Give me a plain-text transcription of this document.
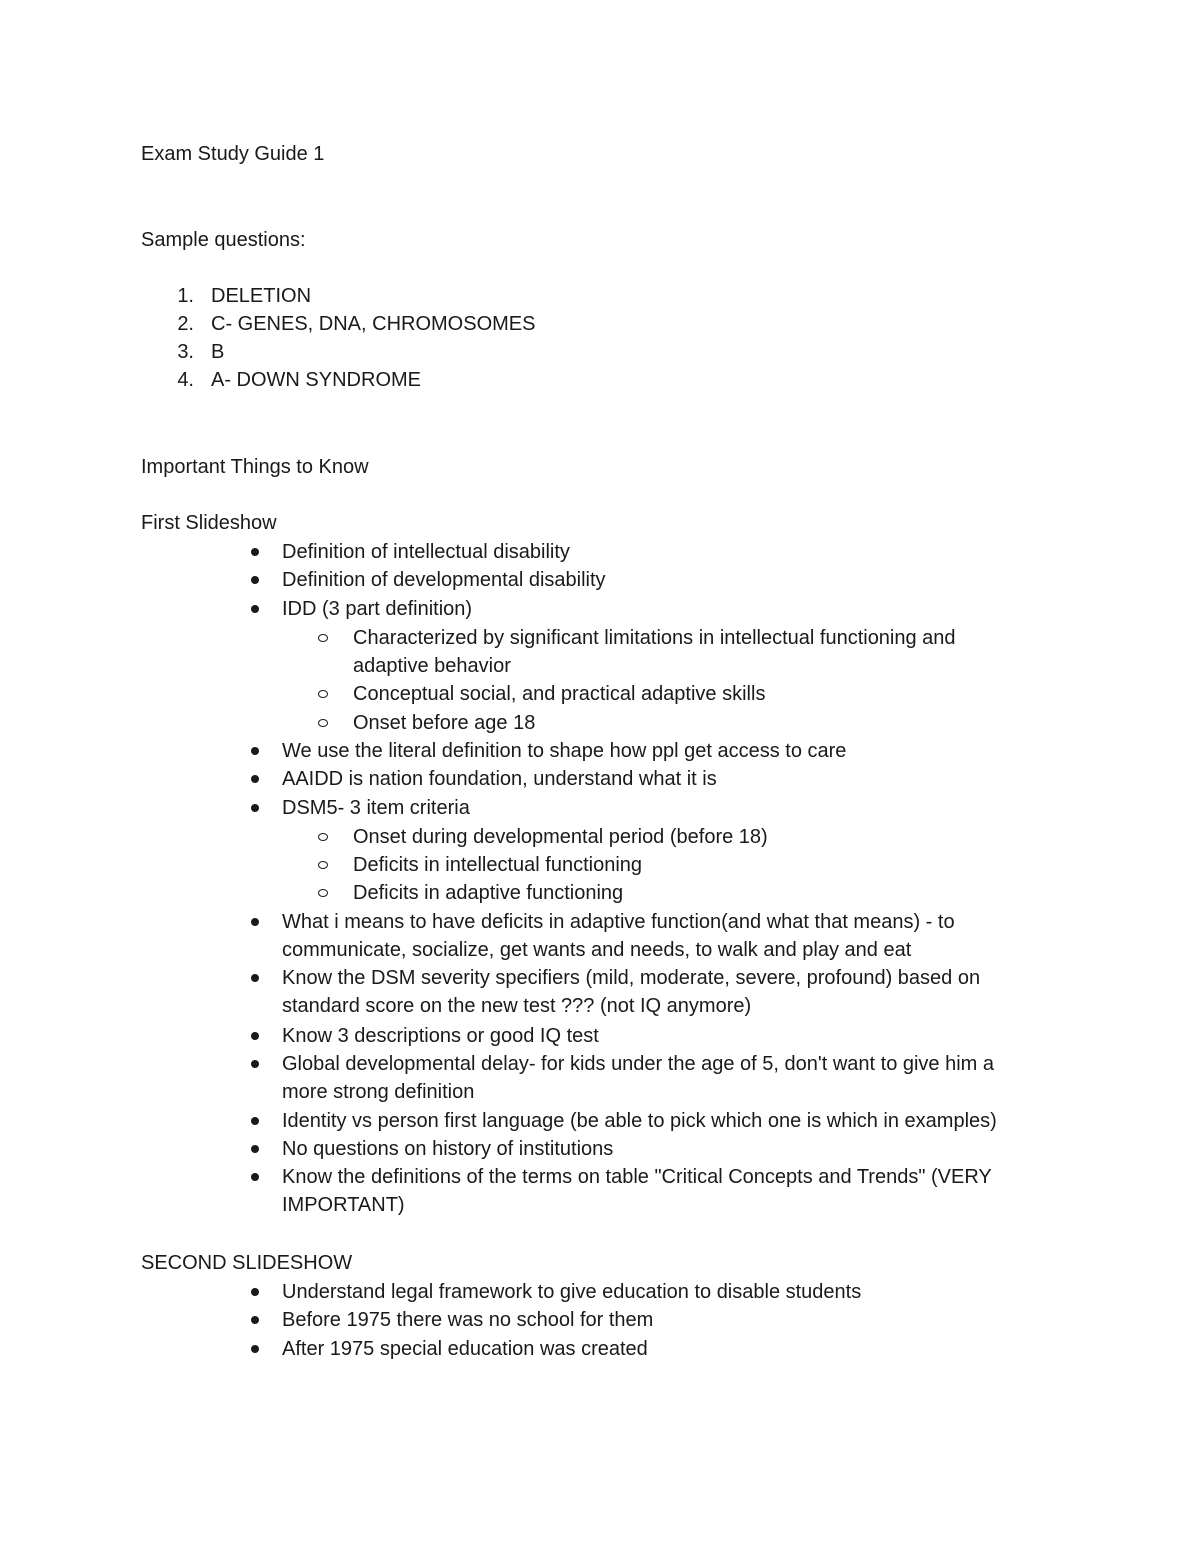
Exam Study Guide 1
Sample questions:
1. DELETION
2. C- GENES, DNA, CHROMOSOMES
3. B
4. A- DOWN SYNDROME
Important Things to Know
First Slideshow
Definition of intellectual disability
Definition of developmental disability
IDD (3 part definition)
Characterized by significant limitations in intellectual functioning and
adaptive behavior
Conceptual social, and practical adaptive skills
Onset before age 18
We use the literal definition to shape how ppl get access to care
AAIDD is nation foundation, understand what it is
DSM5- 3 item criteria
Onset during developmental period (before 18)
Deficits in intellectual functioning
Deficits in adaptive functioning
What i means to have deficits in adaptive function(and what that means) - to
communicate, socialize, get wants and needs, to walk and play and eat
Know the DSM severity specifiers (mild, moderate, severe, profound) based on
standard score on the new test ??? (not IQ anymore)
Know 3 descriptions or good IQ test
Global developmental delay- for kids under the age of 5, don't want to give him a
more strong definition
Identity vs person first language (be able to pick which one is which in examples)
No questions on history of institutions
Know the definitions of the terms on table "Critical Concepts and Trends" (VERY
IMPORTANT)
SECOND SLIDESHOW
Understand legal framework to give education to disable students
Before 1975 there was no school for them
After 1975 special education was created
